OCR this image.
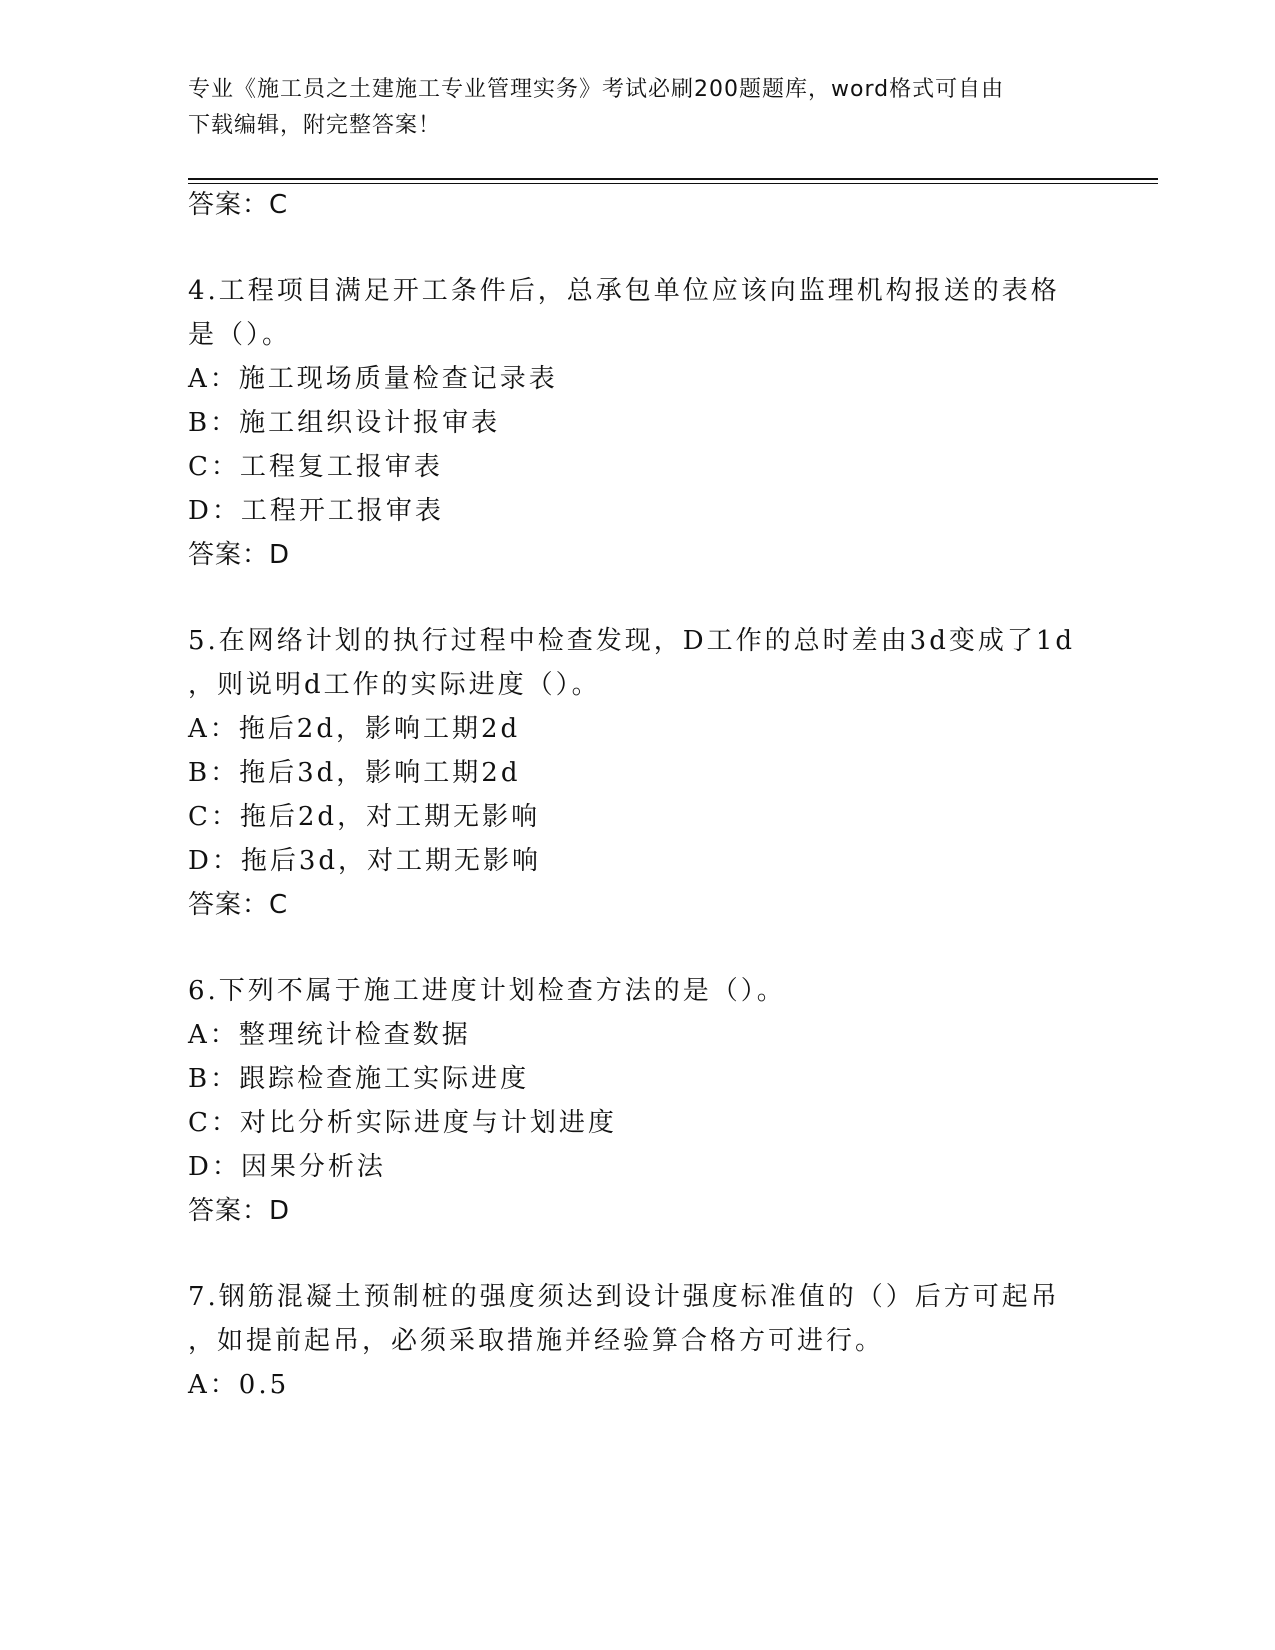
专业《施工员之土建施工专业管理实务》考试必刷200题题库，word格式可自由
下载编辑，附完整答案！
答案：C
4.工程项目满足开工条件后，总承包单位应该向监理机构报送的表格
是（）。
A：施工现场质量检查记录表
B：施工组织设计报审表
C：工程复工报审表
D：工程开工报审表
答案：D
5.在网络计划的执行过程中检查发现，D工作的总时差由3d变成了1d
，则说明d工作的实际进度（）。
A：拖后2d，影响工期2d
B：拖后3d，影响工期2d
C：拖后2d，对工期无影响
D：拖后3d，对工期无影响
答案：C
6.下列不属于施工进度计划检查方法的是（）。
A：整理统计检查数据
B：跟踪检查施工实际进度
C：对比分析实际进度与计划进度
D：因果分析法
答案：D
7.钢筋混凝土预制桩的强度须达到设计强度标准值的（）后方可起吊
，如提前起吊，必须采取措施并经验算合格方可进行。
A：0.5
